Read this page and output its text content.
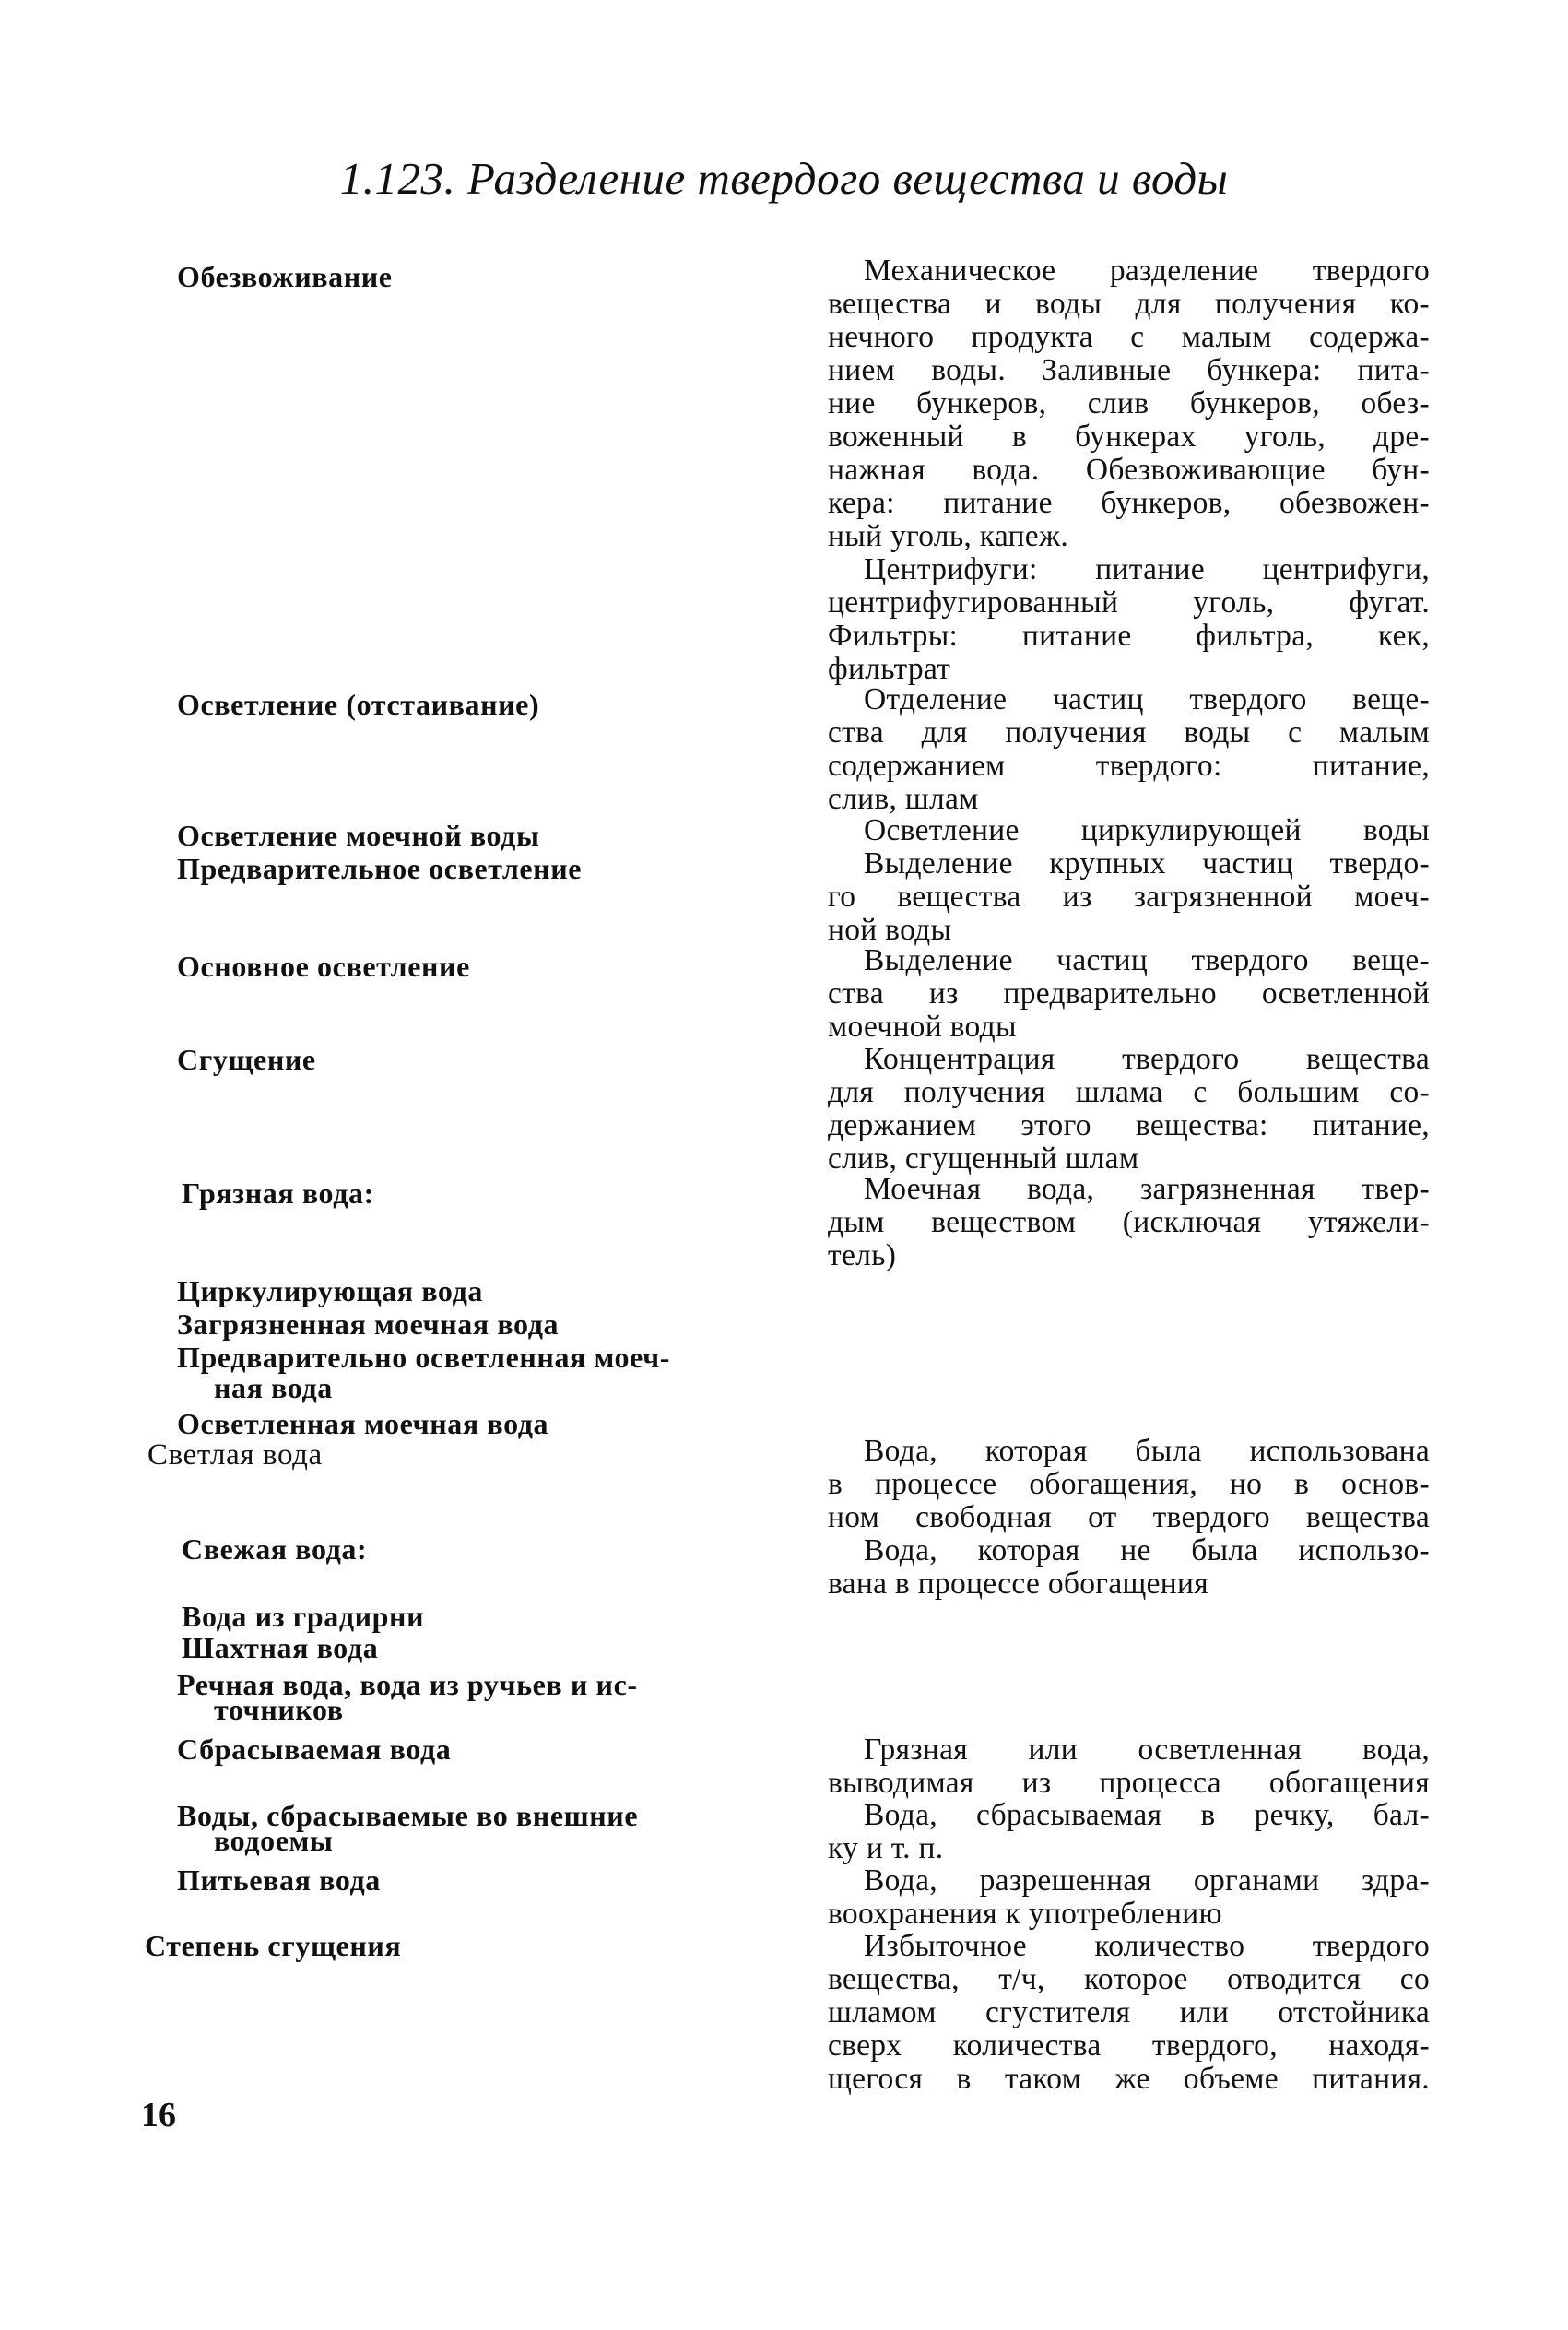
1.123. Разделение твердого вещества и воды
Обезвоживание
Осветление (отстаивание)
Осветление моечной воды
Предварительное осветление
Основное осветление
Сгущение
Грязная вода:
Циркулирующая вода
Загрязненная моечная вода
Предварительно осветленная моеч-
ная вода
Осветленная моечная вода
Светлая вода
Свежая вода:
Вода из градирни
Шахтная вода
Речная вода, вода из ручьев и ис-
точников
Сбрасываемая вода
Воды, сбрасываемые во внешние
водоемы
Питьевая вода
Степень сгущения
Механическое разделение твердого
вещества и воды для получения ко-
нечного продукта с малым содержа-
нием воды. Заливные бункера: пита-
ние бункеров, слив бункеров, обез-
воженный в бункерах уголь, дре-
нажная вода. Обезвоживающие бун-
кера: питание бункеров, обезвожен-
ный уголь, капеж.
Центрифуги: питание центрифуги,
центрифугированный уголь, фугат.
Фильтры: питание фильтра, кек,
фильтрат
Отделение частиц твердого веще-
ства для получения воды с малым
содержанием твердого: питание,
слив, шлам
Осветление циркулирующей воды
Выделение крупных частиц твердо-
го вещества из загрязненной моеч-
ной воды
Выделение частиц твердого веще-
ства из предварительно осветленной
моечной воды
Концентрация твердого вещества
для получения шлама с большим со-
держанием этого вещества: питание,
слив, сгущенный шлам
Моечная вода, загрязненная твер-
дым веществом (исключая утяжели-
тель)
Вода, которая была использована
в процессе обогащения, но в основ-
ном свободная от твердого вещества
Вода, которая не была использо-
вана в процессе обогащения
Грязная или осветленная вода,
выводимая из процесса обогащения
Вода, сбрасываемая в речку, бал-
ку и т. п.
Вода, разрешенная органами здра-
воохранения к употреблению
Избыточное количество твердого
вещества, т/ч, которое отводится со
шламом сгустителя или отстойника
сверх количества твердого, находя-
щегося в таком же объеме питания.
16
